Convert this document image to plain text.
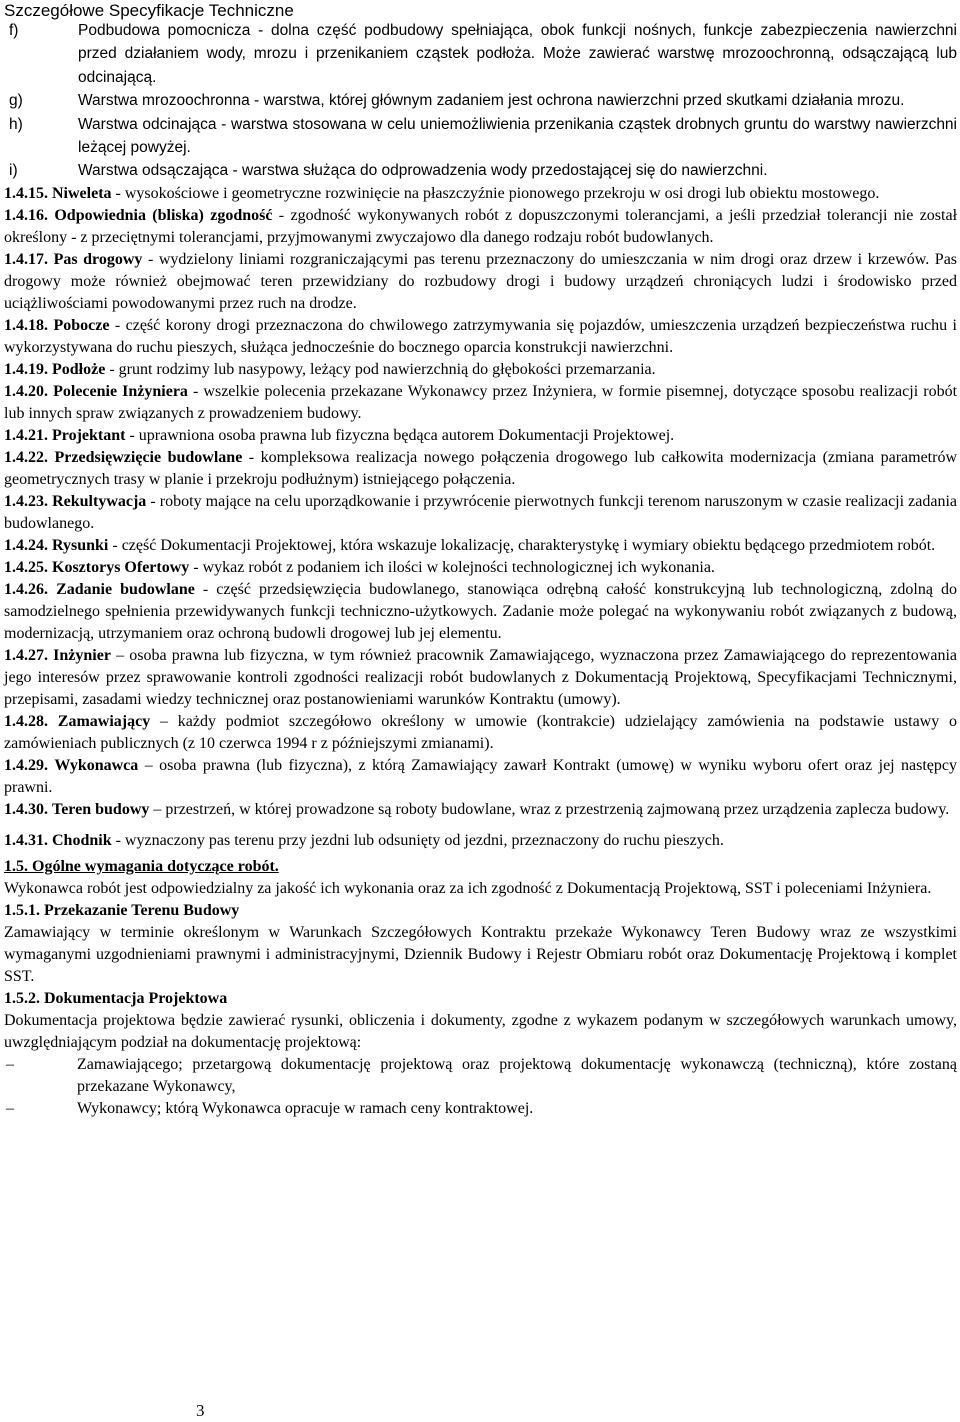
Szczegółowe Specyfikacje Techniczne

f)	Podbudowa pomocnicza - dolna część podbudowy spełniająca, obok funkcji nośnych, funkcje zabezpieczenia nawierzchni przed działaniem wody, mrozu i przenikaniem cząstek podłoża. Może zawierać warstwę mrozoochronną, odsączającą lub odcinającą.

g)	Warstwa mrozoochronna - warstwa, której głównym zadaniem jest ochrona nawierzchni przed skutkami działania mrozu.

h)	Warstwa odcinająca - warstwa stosowana w celu uniemożliwienia przenikania cząstek drobnych gruntu do warstwy nawierzchni leżącej powyżej.

i)	Warstwa odsączająca - warstwa służąca do odprowadzenia wody przedostającej się do nawierzchni.

1.4.15. Niweleta - wysokościowe i geometryczne rozwinięcie na płaszczyźnie pionowego przekroju w osi drogi lub obiektu mostowego.

1.4.16. Odpowiednia (bliska) zgodność - zgodność wykonywanych robót z dopuszczonymi tolerancjami, a jeśli przedział tolerancji nie został określony - z przeciętnymi tolerancjami, przyjmowanymi zwyczajowo dla danego rodzaju robót budowlanych.

1.4.17. Pas drogowy - wydzielony liniami rozgraniczającymi pas terenu przeznaczony do umieszczania w nim drogi oraz drzew i krzewów. Pas drogowy może również obejmować teren przewidziany do rozbudowy drogi i budowy urządzeń chroniących ludzi i środowisko przed uciążliwościami powodowanymi przez ruch na drodze.

1.4.18. Pobocze - część korony drogi przeznaczona do chwilowego zatrzymywania się pojazdów, umieszczenia urządzeń bezpieczeństwa ruchu i wykorzystywana do ruchu pieszych, służąca jednocześnie do bocznego oparcia konstrukcji nawierzchni.

1.4.19. Podłoże - grunt rodzimy lub nasypowy, leżący pod nawierzchnią do głębokości przemarzania.

1.4.20. Polecenie Inżyniera - wszelkie polecenia przekazane Wykonawcy przez Inżyniera, w formie pisemnej, dotyczące sposobu realizacji robót lub innych spraw związanych z prowadzeniem budowy.

1.4.21. Projektant - uprawniona osoba prawna lub fizyczna będąca autorem Dokumentacji Projektowej.

1.4.22. Przedsięwzięcie budowlane - kompleksowa realizacja nowego połączenia drogowego lub całkowita modernizacja (zmiana parametrów geometrycznych trasy w planie i przekroju podłużnym) istniejącego połączenia.

1.4.23. Rekultywacja - roboty mające na celu uporządkowanie i przywrócenie pierwotnych funkcji terenom naruszonym w czasie realizacji zadania budowlanego.

1.4.24. Rysunki - część Dokumentacji Projektowej, która wskazuje lokalizację, charakterystykę i wymiary obiektu będącego przedmiotem robót.

1.4.25. Kosztorys Ofertowy - wykaz robót z podaniem ich ilości w kolejności technologicznej ich wykonania.

1.4.26. Zadanie budowlane - część przedsięwzięcia budowlanego, stanowiąca odrębną całość konstrukcyjną lub technologiczną, zdolną do samodzielnego spełnienia przewidywanych funkcji techniczno-użytkowych. Zadanie może polegać na wykonywaniu robót związanych z budową, modernizacją, utrzymaniem oraz ochroną budowli drogowej lub jej elementu.

1.4.27. Inżynier – osoba prawna lub fizyczna, w tym również pracownik Zamawiającego, wyznaczona przez Zamawiającego do reprezentowania jego interesów przez sprawowanie kontroli zgodności realizacji robót budowlanych z Dokumentacją Projektową, Specyfikacjami Technicznymi, przepisami, zasadami wiedzy technicznej oraz postanowieniami warunków Kontraktu (umowy).

1.4.28. Zamawiający – każdy podmiot szczegółowo określony w umowie (kontrakcie) udzielający zamówienia na podstawie ustawy o zamówieniach publicznych (z 10 czerwca 1994 r z późniejszymi zmianami).

1.4.29. Wykonawca – osoba prawna (lub fizyczna), z którą Zamawiający zawarł Kontrakt (umowę) w wyniku wyboru ofert oraz jej następcy prawni.

1.4.30. Teren budowy – przestrzeń, w której prowadzone są roboty budowlane, wraz z przestrzenią zajmowaną przez urządzenia zaplecza budowy.

1.4.31. Chodnik - wyznaczony pas terenu przy jezdni lub odsunięty od jezdni, przeznaczony do ruchu pieszych.

1.5. Ogólne wymagania dotyczące robót.

Wykonawca robót jest odpowiedzialny za jakość ich wykonania oraz za ich zgodność z Dokumentacją Projektową, SST i poleceniami Inżyniera.

1.5.1. Przekazanie Terenu Budowy

Zamawiający w terminie określonym w Warunkach Szczegółowych Kontraktu przekaże Wykonawcy Teren Budowy wraz ze wszystkimi wymaganymi uzgodnieniami prawnymi i administracyjnymi, Dziennik Budowy i Rejestr Obmiaru robót oraz Dokumentację Projektową i komplet SST.

1.5.2. Dokumentacja Projektowa

Dokumentacja projektowa będzie zawierać rysunki, obliczenia i dokumenty, zgodne z wykazem podanym w szczegółowych warunkach umowy, uwzględniającym podział na dokumentację projektową:

–	Zamawiającego; przetargową dokumentację projektową oraz projektową dokumentację wykonawczą (techniczną), które zostaną przekazane Wykonawcy,

–	Wykonawcy; którą Wykonawca opracuje w ramach ceny kontraktowej.

3
